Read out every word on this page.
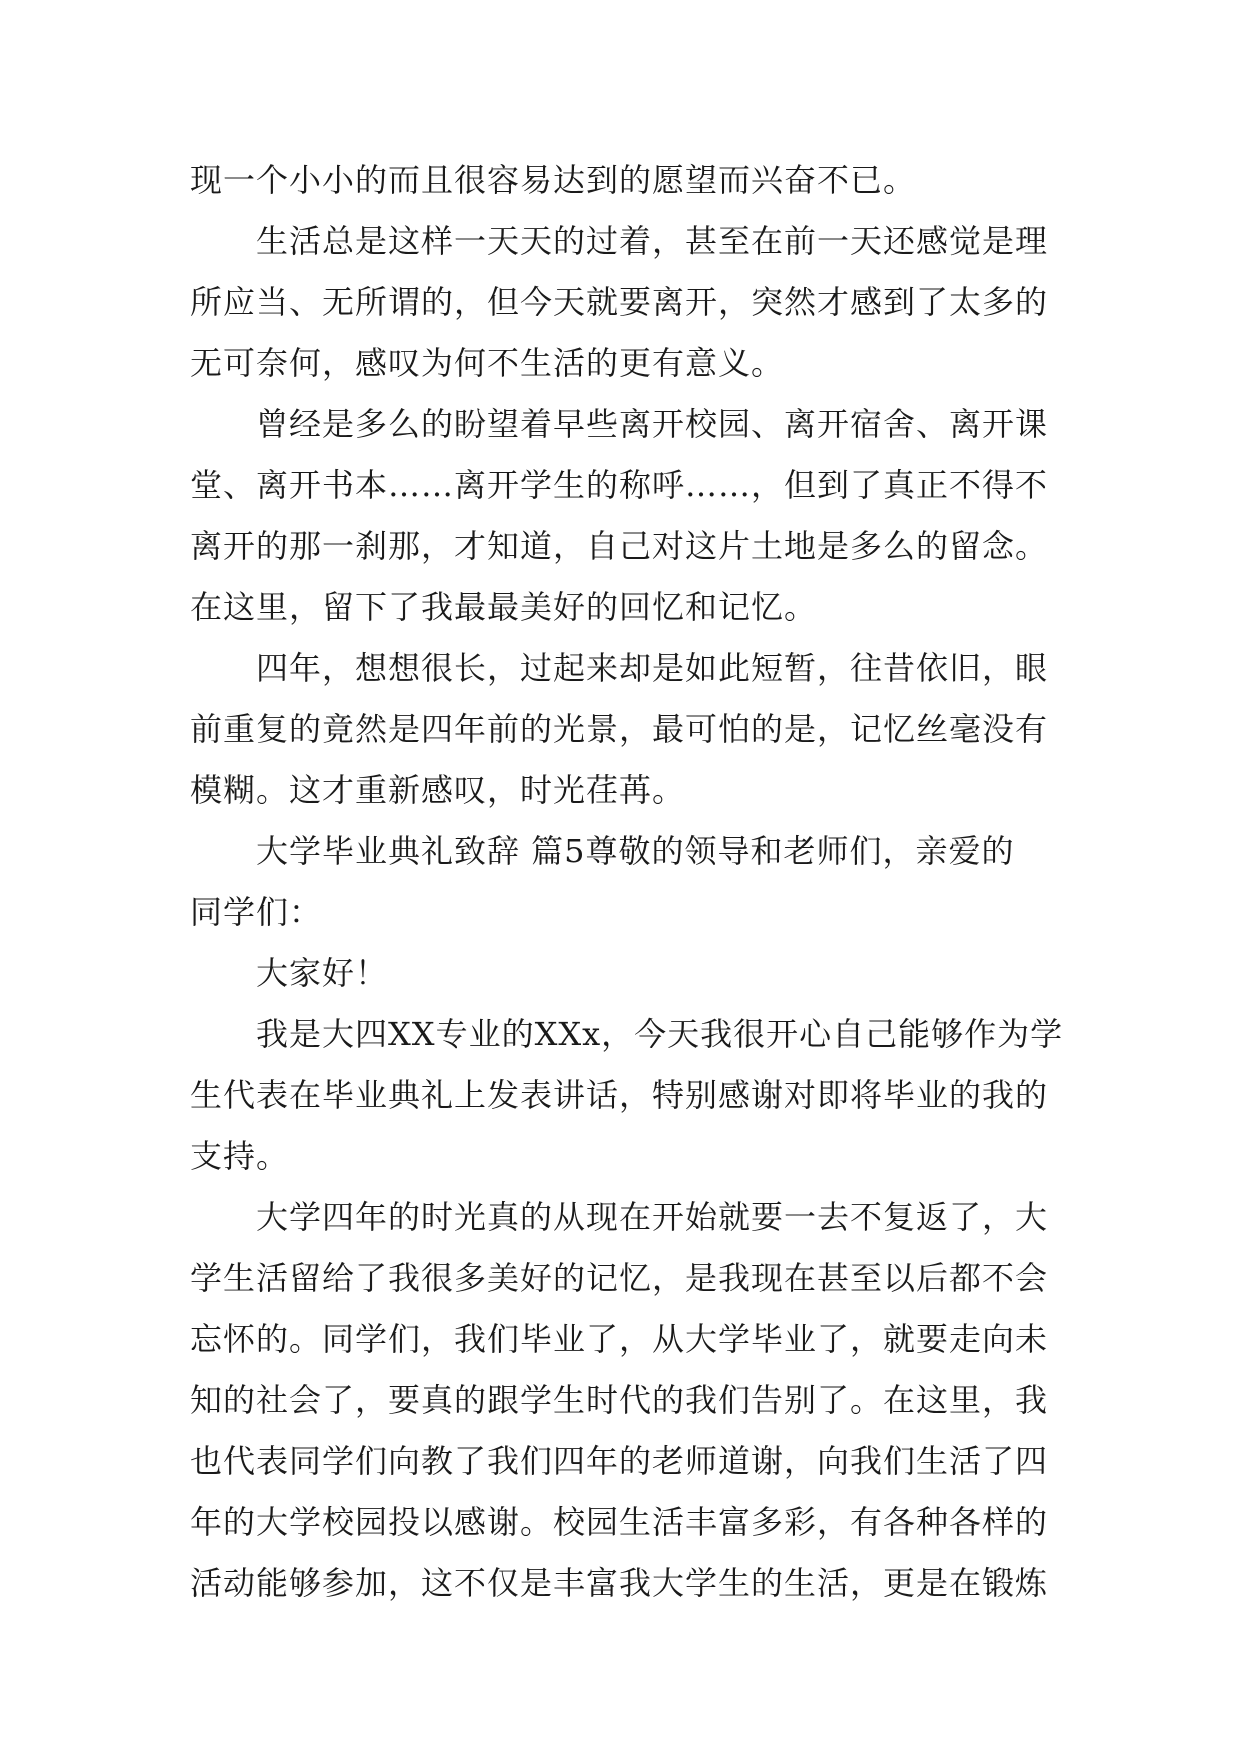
现一个小小的而且很容易达到的愿望而兴奋不已。
生活总是这样一天天的过着，甚至在前一天还感觉是理
所应当、无所谓的，但今天就要离开，突然才感到了太多的
无可奈何，感叹为何不生活的更有意义。
曾经是多么的盼望着早些离开校园、离开宿舍、离开课
堂、离开书本……离开学生的称呼……，但到了真正不得不
离开的那一刹那，才知道，自己对这片土地是多么的留念。
在这里，留下了我最最美好的回忆和记忆。
四年，想想很长，过起来却是如此短暂，往昔依旧，眼
前重复的竟然是四年前的光景，最可怕的是，记忆丝毫没有
模糊。这才重新感叹，时光荏苒。
大学毕业典礼致辞 篇5尊敬的领导和老师们，亲爱的
同学们：
大家好！
我是大四XX专业的XXx，今天我很开心自己能够作为学
生代表在毕业典礼上发表讲话，特别感谢对即将毕业的我的
支持。
大学四年的时光真的从现在开始就要一去不复返了，大
学生活留给了我很多美好的记忆，是我现在甚至以后都不会
忘怀的。同学们，我们毕业了，从大学毕业了，就要走向未
知的社会了，要真的跟学生时代的我们告别了。在这里，我
也代表同学们向教了我们四年的老师道谢，向我们生活了四
年的大学校园投以感谢。校园生活丰富多彩，有各种各样的
活动能够参加，这不仅是丰富我大学生的生活，更是在锻炼
